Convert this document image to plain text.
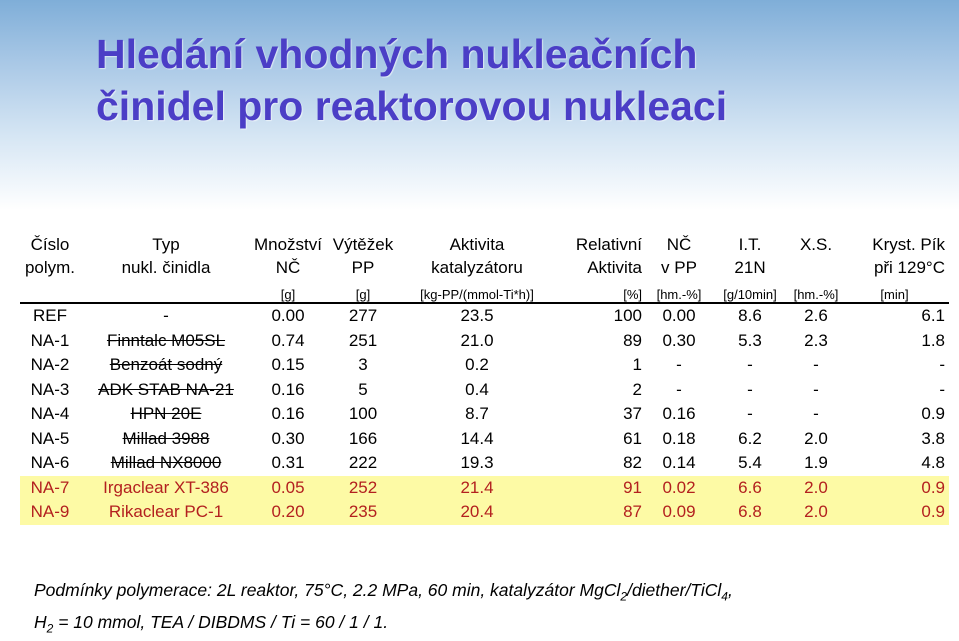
Hledání vhodných nukleačních
činidel pro reaktorovou nukleaci
Číslo	Typ	Množství	Výtěžek	Aktivita	Relativní	NČ	I.T.	X.S.	Kryst. Pík
polym.	nukl. činidla	NČ	PP	katalyzátoru	Aktivita	v PP	21N		při 129°C
		[g]	[g]	[kg-PP/(mmol-Ti*h)]	[%]	[hm.-%]	[g/10min]	[hm.-%]	[min]
REF	-	0.00	277	23.5	100	0.00	8.6	2.6	6.1
NA-1	Finntalc M05SL	0.74	251	21.0	89	0.30	5.3	2.3	1.8
NA-2	Benzoát sodný	0.15	3	0.2	1	-	-	-	-
NA-3	ADK STAB NA-21	0.16	5	0.4	2	-	-	-	-
NA-4	HPN 20E	0.16	100	8.7	37	0.16	-	-	0.9
NA-5	Millad 3988	0.30	166	14.4	61	0.18	6.2	2.0	3.8
NA-6	Millad NX8000	0.31	222	19.3	82	0.14	5.4	1.9	4.8
NA-7	Irgaclear XT-386	0.05	252	21.4	91	0.02	6.6	2.0	0.9
NA-9	Rikaclear PC-1	0.20	235	20.4	87	0.09	6.8	2.0	0.9
Podmínky polymerace: 2L reaktor, 75°C, 2.2 MPa, 60 min, katalyzátor MgCl$_2$/diether/TiCl$_4$,
$H_2 = 10$ mmol, TEA / DIBDMS / Ti = 60 / 1 / 1.
